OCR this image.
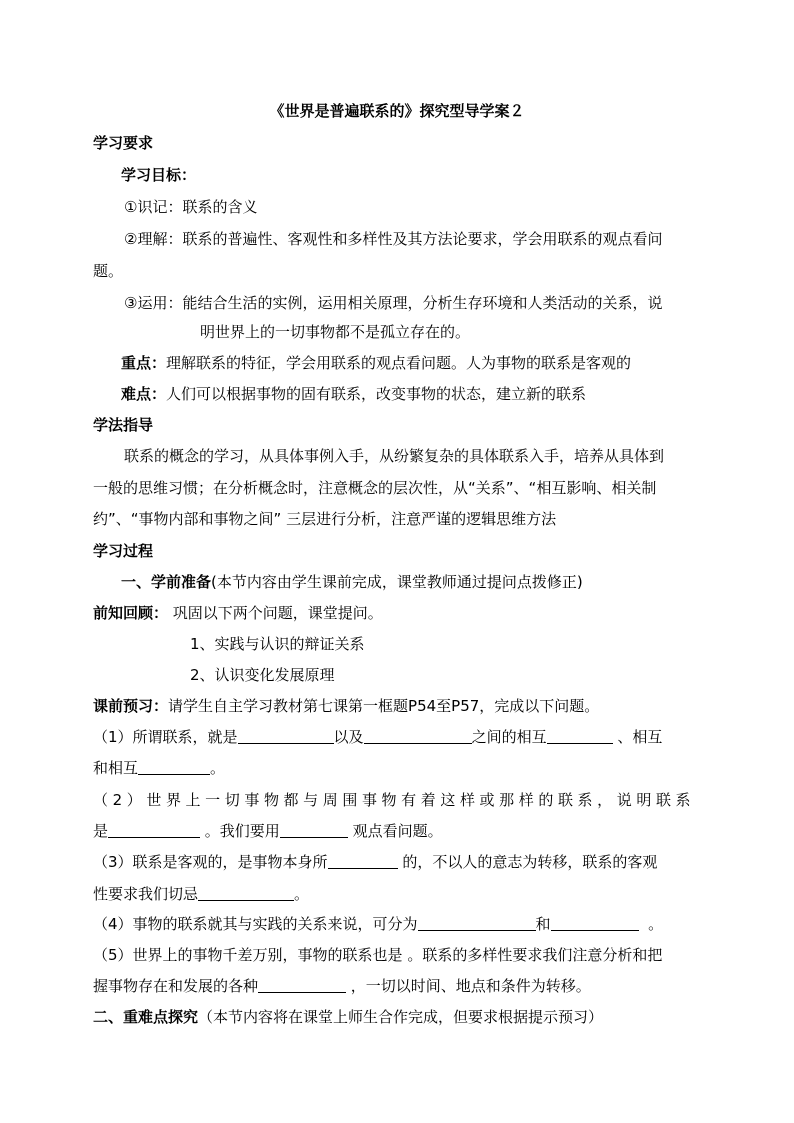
《世界是普遍联系的》探究型导学案２
学习要求
学习目标：
①识记：联系的含义
②理解：联系的普遍性、客观性和多样性及其方法论要求，学会用联系的观点看问
题。
③运用：能结合生活的实例，运用相关原理，分析生存环境和人类活动的关系，说
明世界上的一切事物都不是孤立存在的。
重点：理解联系的特征，学会用联系的观点看问题。人为事物的联系是客观的
难点：人们可以根据事物的固有联系，改变事物的状态，建立新的联系
学法指导
联系的概念的学习，从具体事例入手，从纷繁复杂的具体联系入手，培养从具体到
一般的思维习惯；在分析概念时，注意概念的层次性，从“关系”、“相互影响、相关制
约”、“事物内部和事物之间” 三层进行分析，注意严谨的逻辑思维方法
学习过程
一、学前准备(本节内容由学生课前完成，课堂教师通过提问点拨修正)
前知回顾： 巩固以下两个问题，课堂提问。
1、实践与认识的辩证关系
2、认识变化发展原理
课前预习：请学生自主学习教材第七课第一框题P54至P57，完成以下问题。
（1）所谓联系，就是	以及	之间的相互	、相互
和相互	。
（2）世界上一切事物都与周围事物有着这样或那样的联系，说明联系
是	。我们要用	观点看问题。
（3）联系是客观的，是事物本身所	的，不以人的意志为转移，联系的客观
性要求我们切忌	。
（4）事物的联系就其与实践的关系来说，可分为	和	。
（5）世界上的事物千差万别，事物的联系也是 。联系的多样性要求我们注意分析和把
握事物存在和发展的各种	，一切以时间、地点和条件为转移。
二、重难点探究（本节内容将在课堂上师生合作完成，但要求根据提示预习）
